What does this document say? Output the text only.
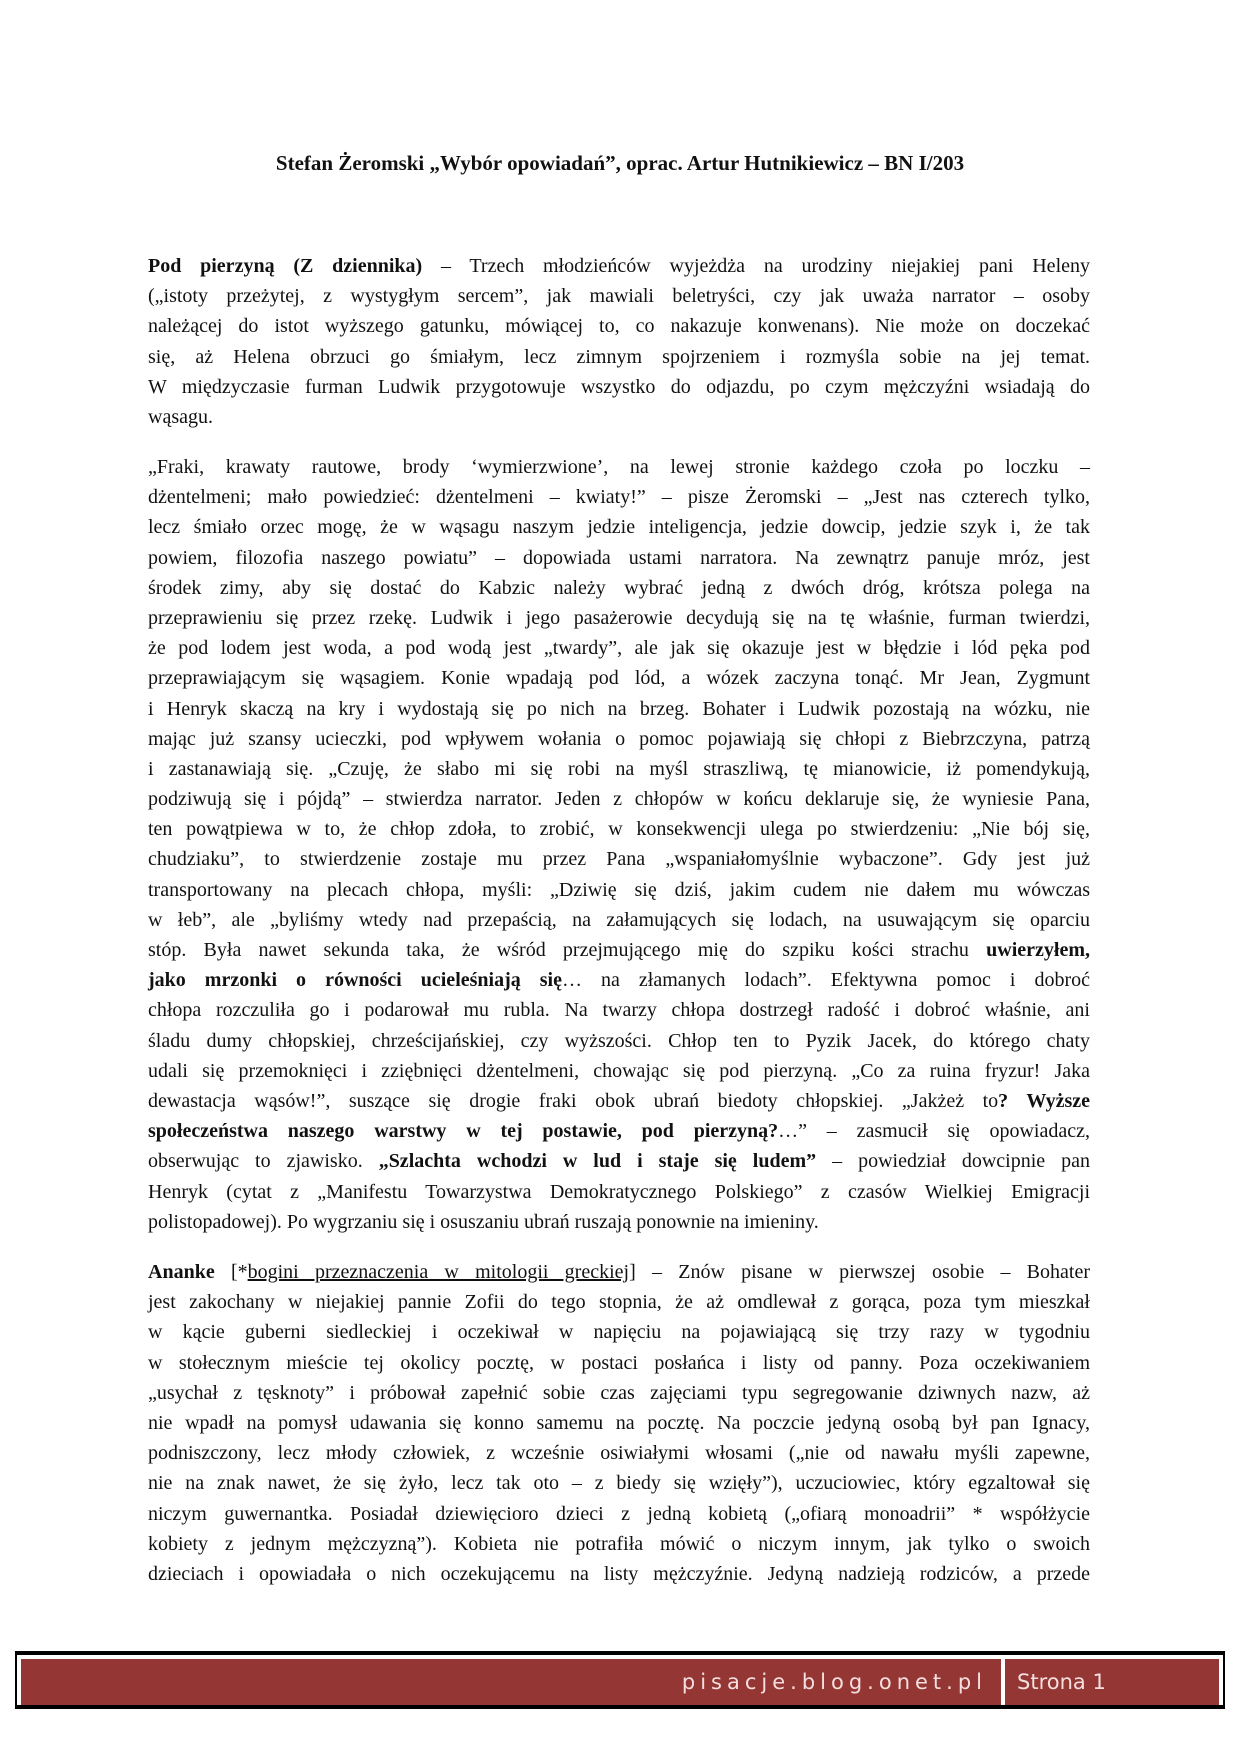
Stefan Żeromski „Wybór opowiadań”, oprac. Artur Hutnikiewicz – BN I/203
Pod pierzyną (Z dziennika) – Trzech młodzieńców wyjeżdża na urodziny niejakiej pani Heleny
(„istoty przeżytej, z wystygłym sercem”, jak mawiali beletryści, czy jak uważa narrator – osoby
należącej do istot wyższego gatunku, mówiącej to, co nakazuje konwenans). Nie może on doczekać
się, aż Helena obrzuci go śmiałym, lecz zimnym spojrzeniem i rozmyśla sobie na jej temat.
W międzyczasie furman Ludwik przygotowuje wszystko do odjazdu, po czym mężczyźni wsiadają do
wąsagu.
„Fraki, krawaty rautowe, brody ‘wymierzwione’, na lewej stronie każdego czoła po loczku –
dżentelmeni; mało powiedzieć: dżentelmeni – kwiaty!” – pisze Żeromski – „Jest nas czterech tylko,
lecz śmiało orzec mogę, że w wąsagu naszym jedzie inteligencja, jedzie dowcip, jedzie szyk i, że tak
powiem, filozofia naszego powiatu” – dopowiada ustami narratora. Na zewnątrz panuje mróz, jest
środek zimy, aby się dostać do Kabzic należy wybrać jedną z dwóch dróg, krótsza polega na
przeprawieniu się przez rzekę. Ludwik i jego pasażerowie decydują się na tę właśnie, furman twierdzi,
że pod lodem jest woda, a pod wodą jest „twardy”, ale jak się okazuje jest w błędzie i lód pęka pod
przeprawiającym się wąsagiem. Konie wpadają pod lód, a wózek zaczyna tonąć. Mr Jean, Zygmunt
i Henryk skaczą na kry i wydostają się po nich na brzeg. Bohater i Ludwik pozostają na wózku, nie
mając już szansy ucieczki, pod wpływem wołania o pomoc pojawiają się chłopi z Biebrzczyna, patrzą
i zastanawiają się. „Czuję, że słabo mi się robi na myśl straszliwą, tę mianowicie, iż pomendykują,
podziwują się i pójdą” – stwierdza narrator. Jeden z chłopów w końcu deklaruje się, że wyniesie Pana,
ten powątpiewa w to, że chłop zdoła, to zrobić, w konsekwencji ulega po stwierdzeniu: „Nie bój się,
chudziaku”, to stwierdzenie zostaje mu przez Pana „wspaniałomyślnie wybaczone”. Gdy jest już
transportowany na plecach chłopa, myśli: „Dziwię się dziś, jakim cudem nie dałem mu wówczas
w łeb”, ale „byliśmy wtedy nad przepaścią, na załamujących się lodach, na usuwającym się oparciu
stóp. Była nawet sekunda taka, że wśród przejmującego mię do szpiku kości strachu uwierzyłem,
jako mrzonki o równości ucieleśniają się… na złamanych lodach”. Efektywna pomoc i dobroć
chłopa rozczuliła go i podarował mu rubla. Na twarzy chłopa dostrzegł radość i dobroć właśnie, ani
śladu dumy chłopskiej, chrześcijańskiej, czy wyższości. Chłop ten to Pyzik Jacek, do którego chaty
udali się przemoknięci i zziębnięci dżentelmeni, chowając się pod pierzyną. „Co za ruina fryzur! Jaka
dewastacja wąsów!”, suszące się drogie fraki obok ubrań biedoty chłopskiej. „Jakżeż to? Wyższe
społeczeństwa naszego warstwy w tej postawie, pod pierzyną?…” – zasmucił się opowiadacz,
obserwując to zjawisko. „Szlachta wchodzi w lud i staje się ludem” – powiedział dowcipnie pan
Henryk (cytat z „Manifestu Towarzystwa Demokratycznego Polskiego” z czasów Wielkiej Emigracji
polistopadowej). Po wygrzaniu się i osuszaniu ubrań ruszają ponownie na imieniny.
Ananke [*bogini przeznaczenia w mitologii greckiej] – Znów pisane w pierwszej osobie – Bohater
jest zakochany w niejakiej pannie Zofii do tego stopnia, że aż omdlewał z gorąca, poza tym mieszkał
w kącie guberni siedleckiej i oczekiwał w napięciu na pojawiającą się trzy razy w tygodniu
w stołecznym mieście tej okolicy pocztę, w postaci posłańca i listy od panny. Poza oczekiwaniem
„usychał z tęsknoty” i próbował zapełnić sobie czas zajęciami typu segregowanie dziwnych nazw, aż
nie wpadł na pomysł udawania się konno samemu na pocztę. Na poczcie jedyną osobą był pan Ignacy,
podniszczony, lecz młody człowiek, z wcześnie osiwiałymi włosami („nie od nawału myśli zapewne,
nie na znak nawet, że się żyło, lecz tak oto – z biedy się wzięły”), uczuciowiec, który egzaltował się
niczym guwernantka. Posiadał dziewięcioro dzieci z jedną kobietą („ofiarą monoadrii” * współżycie
kobiety z jednym mężczyzną”). Kobieta nie potrafiła mówić o niczym innym, jak tylko o swoich
dzieciach i opowiadała o nich oczekującemu na listy mężczyźnie. Jedyną nadzieją rodziców, a przede
pisacje.blog.onet.pl	Strona 1
